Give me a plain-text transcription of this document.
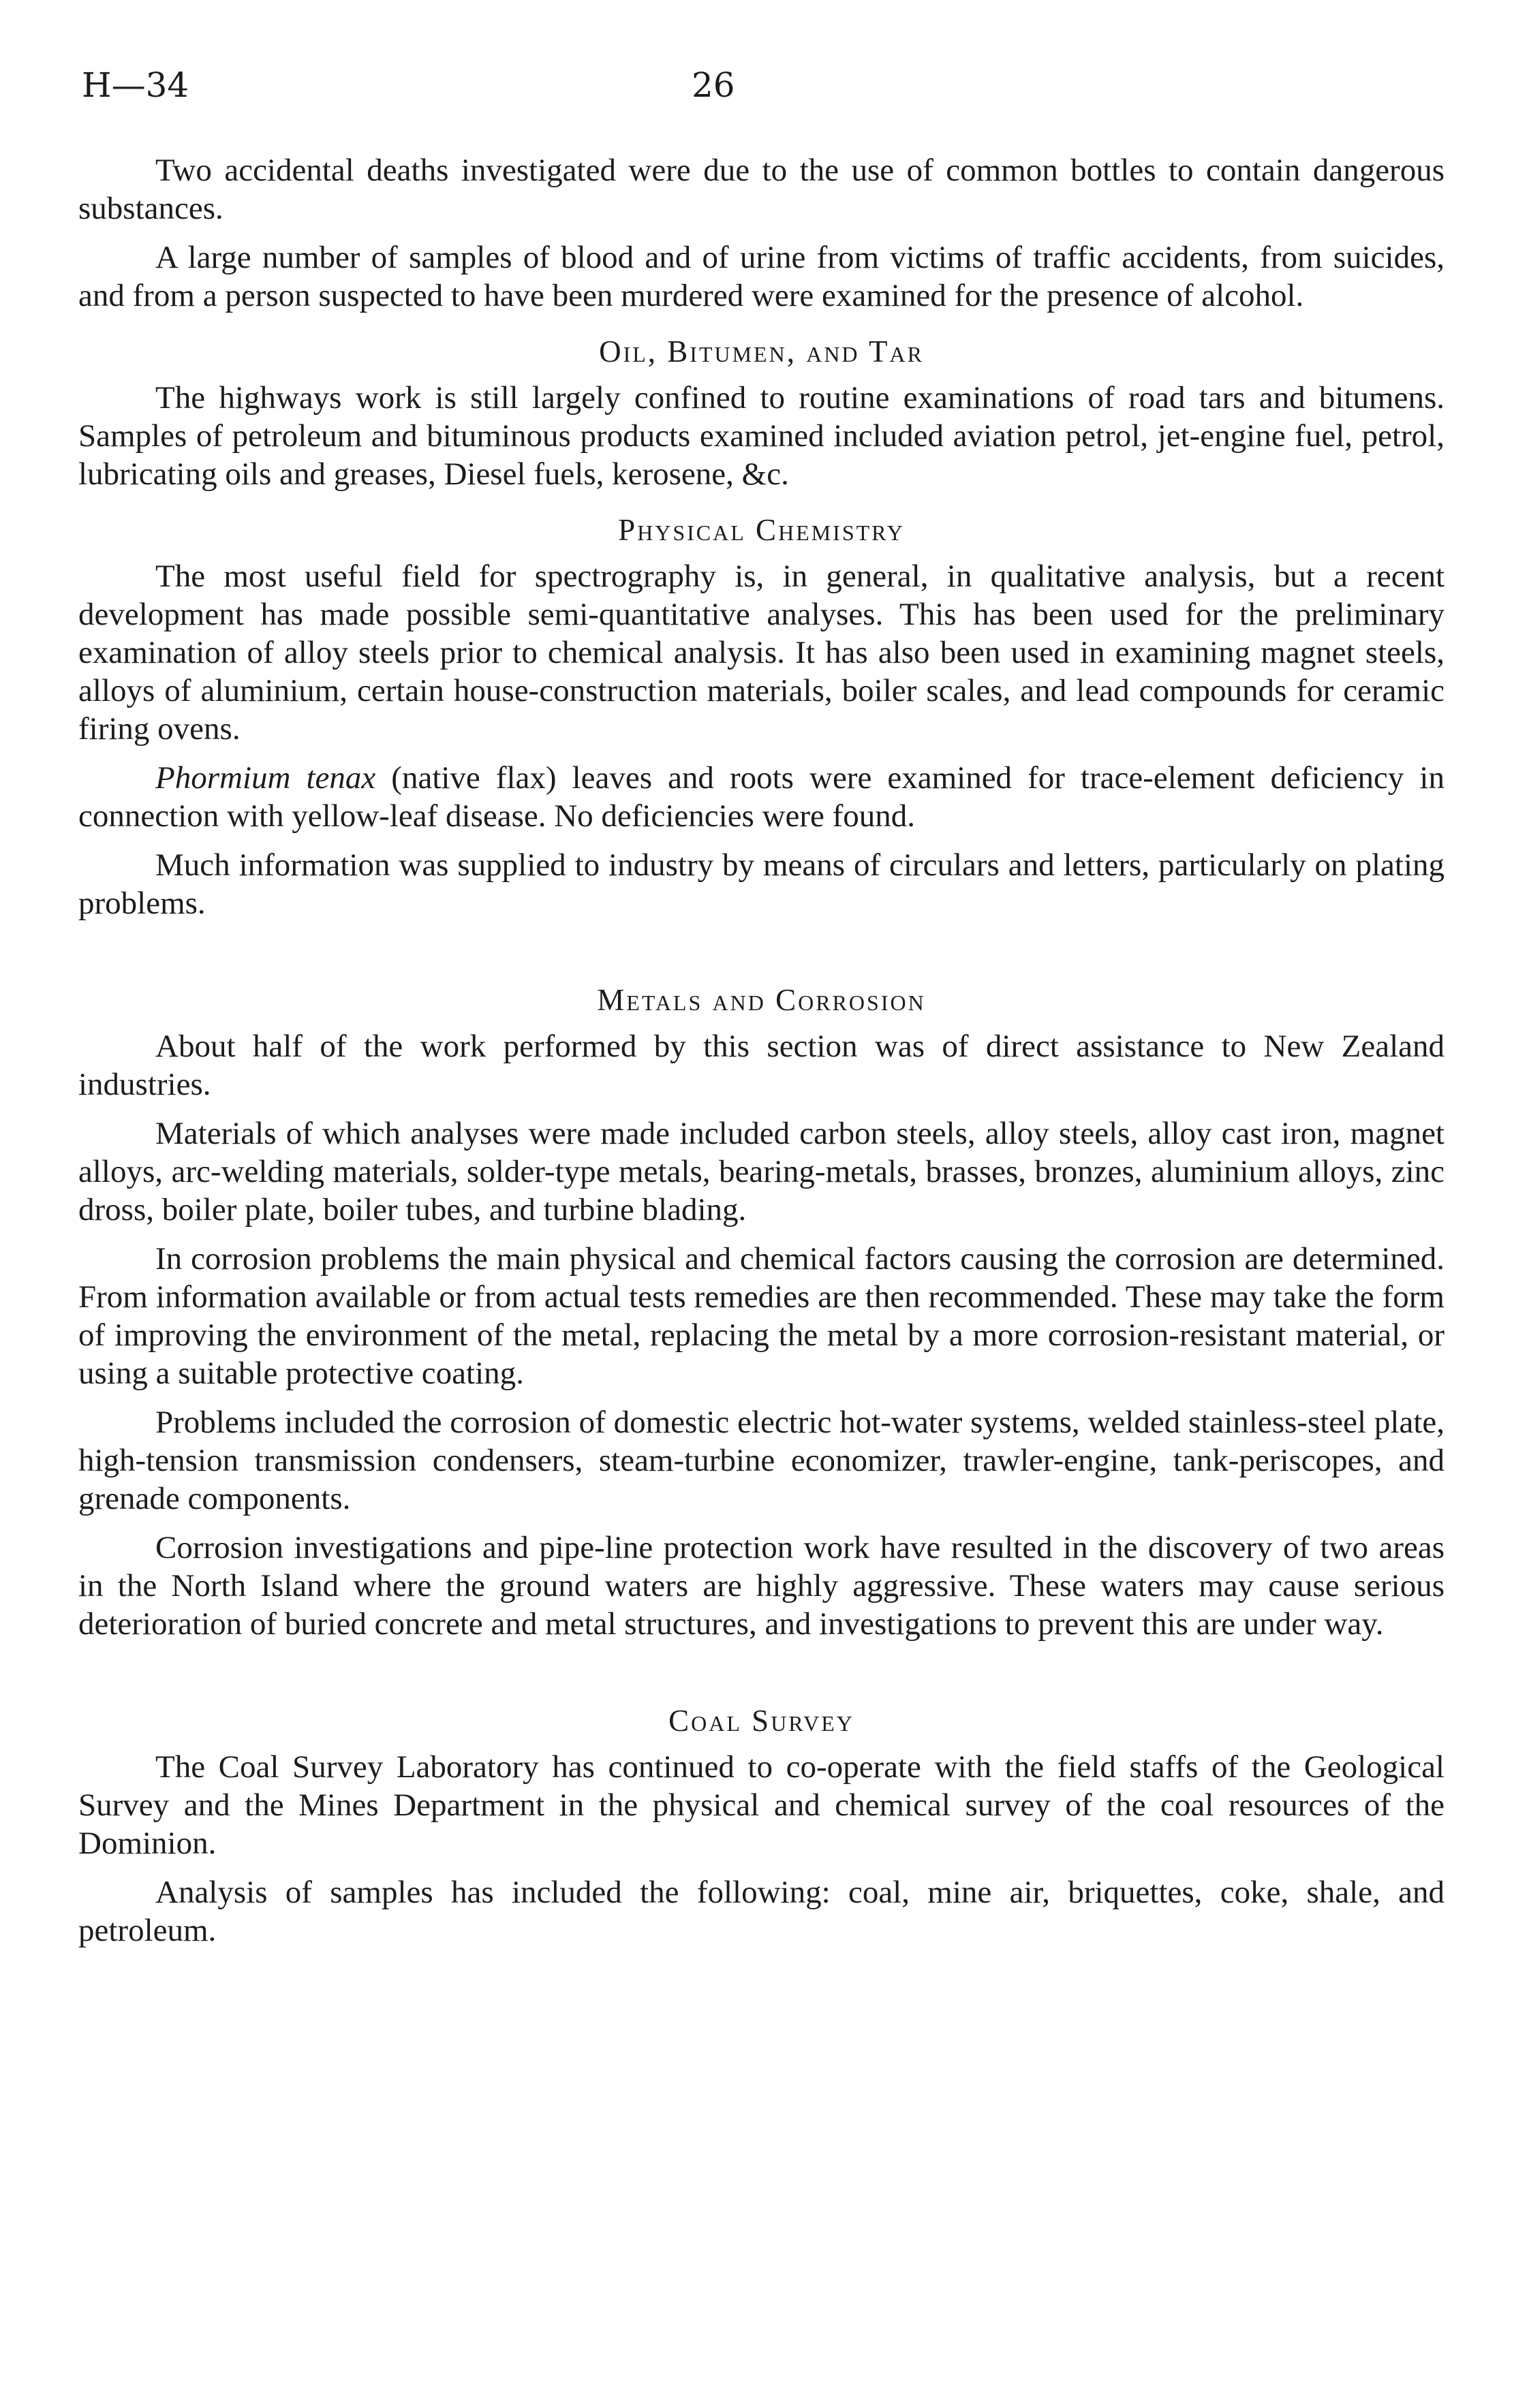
H—34	26

Two accidental deaths investigated were due to the use of common bottles to contain dangerous substances.

A large number of samples of blood and of urine from victims of traffic accidents, from suicides, and from a person suspected to have been murdered were examined for the presence of alcohol.

Oil, Bitumen, and Tar

The highways work is still largely confined to routine examinations of road tars and bitumens. Samples of petroleum and bituminous products examined included aviation petrol, jet-engine fuel, petrol, lubricating oils and greases, Diesel fuels, kerosene, &c.

Physical Chemistry

The most useful field for spectrography is, in general, in qualitative analysis, but a recent development has made possible semi-quantitative analyses. This has been used for the preliminary examination of alloy steels prior to chemical analysis. It has also been used in examining magnet steels, alloys of aluminium, certain house-construction materials, boiler scales, and lead compounds for ceramic firing ovens.

Phormium tenax (native flax) leaves and roots were examined for trace-element deficiency in connection with yellow-leaf disease. No deficiencies were found.

Much information was supplied to industry by means of circulars and letters, particularly on plating problems.

Metals and Corrosion

About half of the work performed by this section was of direct assistance to New Zealand industries.

Materials of which analyses were made included carbon steels, alloy steels, alloy cast iron, magnet alloys, arc-welding materials, solder-type metals, bearing-metals, brasses, bronzes, aluminium alloys, zinc dross, boiler plate, boiler tubes, and turbine blading.

In corrosion problems the main physical and chemical factors causing the corrosion are determined. From information available or from actual tests remedies are then recommended. These may take the form of improving the environment of the metal, replacing the metal by a more corrosion-resistant material, or using a suitable protective coating.

Problems included the corrosion of domestic electric hot-water systems, welded stainless-steel plate, high-tension transmission condensers, steam-turbine economizer, trawler-engine, tank-periscopes, and grenade components.

Corrosion investigations and pipe-line protection work have resulted in the discovery of two areas in the North Island where the ground waters are highly aggressive. These waters may cause serious deterioration of buried concrete and metal structures, and investigations to prevent this are under way.

Coal Survey

The Coal Survey Laboratory has continued to co-operate with the field staffs of the Geological Survey and the Mines Department in the physical and chemical survey of the coal resources of the Dominion.

Analysis of samples has included the following: coal, mine air, briquettes, coke, shale, and petroleum.
